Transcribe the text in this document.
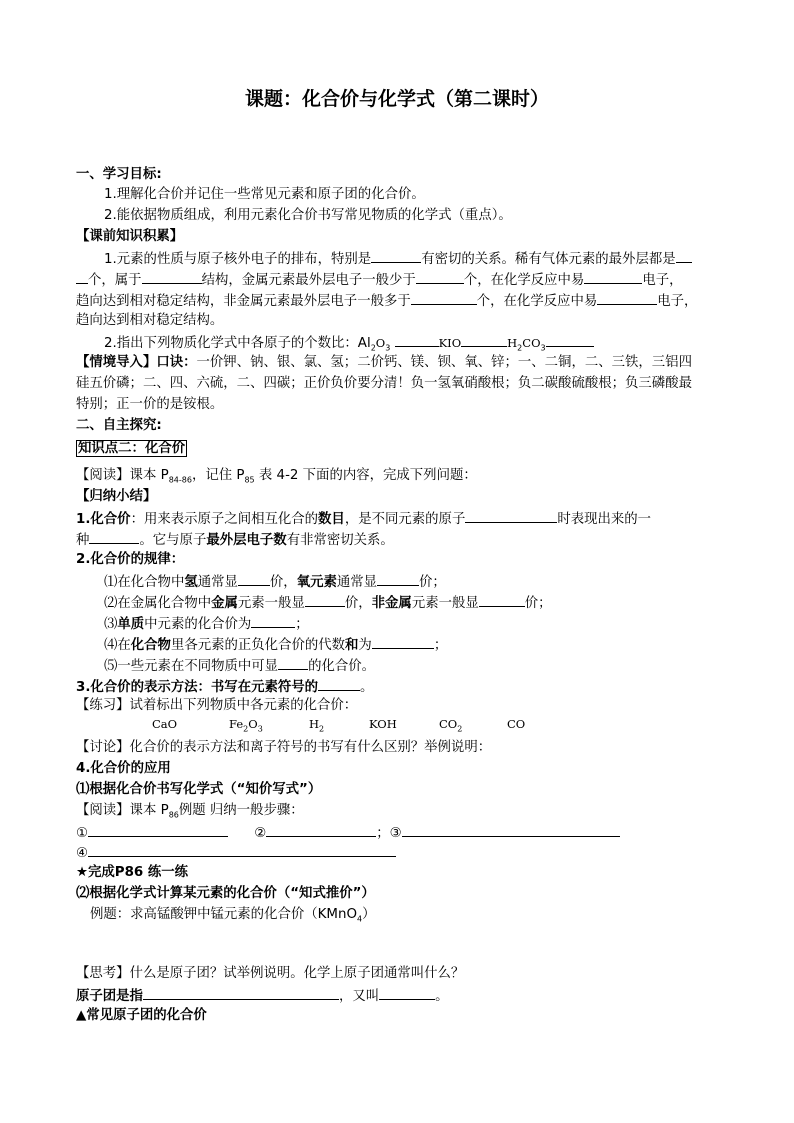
课题：化合价与化学式（第二课时）
一、学习目标:
1.理解化合价并记住一些常见元素和原子团的化合价。
2.能依据物质组成，利用元素化合价书写常见物质的化学式（重点）。
【课前知识积累】
1.元素的性质与原子核外电子的排布，特别是	有密切的关系。稀有气体元素的最外层都是
个，属于	结构，金属元素最外层电子一般少于	个，在化学反应中易	电子，
趋向达到相对稳定结构，非金属元素最外层电子一般多于	个，在化学反应中易	电子，
趋向达到相对稳定结构。
2.指出下列物质化学式中各原子的个数比：$Al_2O_3$	KIO	$H_2CO_3$
【情境导入】口诀：一价钾、钠、银、氯、氢；二价钙、镁、钡、氧、锌；一、二铜，二、三铁，三铝四
硅五价磷；二、四、六硫，二、四碳；正价负价要分清！负一氢氧硝酸根；负二碳酸硫酸根；负三磷酸最
特别；正一价的是铵根。
二、自主探究:
知识点二：化合价
【阅读】课本 $P_{84-86}$，记住 $P_{85}$ 表 4-2 下面的内容，完成下列问题：
【归纳小结】
1.化合价：用来表示原子之间相互化合的数目，是不同元素的原子	时表现出来的一
种	。它与原子最外层电子数有非常密切关系。
2.化合价的规律：
⑴在化合物中氢通常显 价，氧元素通常显	价；
⑵在金属化合物中金属元素一般显	价，非金属元素一般显	价；
⑶单质中元素的化合价为	；
⑷在化合物里各元素的正负化合价的代数和为	；
⑸一些元素在不同物质中可显 的化合价。
3.化合价的表示方法：书写在元素符号的	。
【练习】试着标出下列物质中各元素的化合价：
CaO	$Fe_2O_3$	$H_2$	KOH	$CO_2$	CO
【讨论】化合价的表示方法和离子符号的书写有什么区别？举例说明：
4.化合价的应用
⑴根据化合价书写化学式（“知价写式”）
【阅读】课本 $P_{86}$例题 归纳一般步骤：
①	②	；③
④
★完成P86 练一练
⑵根据化学式计算某元素的化合价（“知式推价”）
例题：求高锰酸钾中锰元素的化合价（KMnO$_4$）
【思考】什么是原子团？试举例说明。化学上原子团通常叫什么？
原子团是指	，又叫	。
▲常见原子团的化合价
